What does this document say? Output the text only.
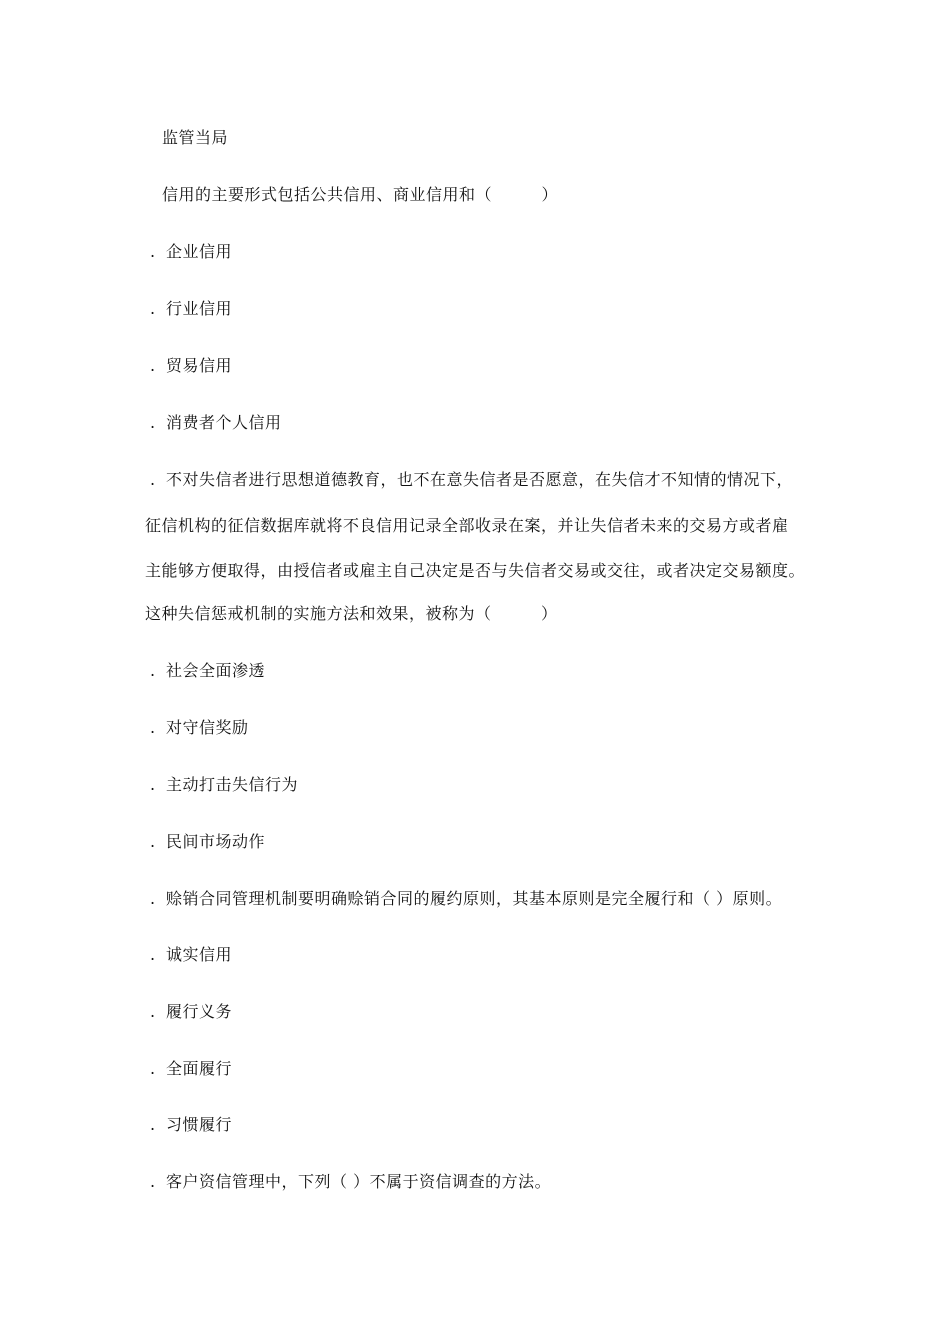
监管当局
信用的主要形式包括公共信用、商业信用和（　　　）
. 企业信用
. 行业信用
. 贸易信用
. 消费者个人信用
. 不对失信者进行思想道德教育，也不在意失信者是否愿意，在失信才不知情的情况下，
征信机构的征信数据库就将不良信用记录全部收录在案，并让失信者未来的交易方或者雇
主能够方便取得，由授信者或雇主自己决定是否与失信者交易或交往，或者决定交易额度。
这种失信惩戒机制的实施方法和效果，被称为（　　　）
. 社会全面渗透
. 对守信奖励
. 主动打击失信行为
. 民间市场动作
. 赊销合同管理机制要明确赊销合同的履约原则，其基本原则是完全履行和（ ）原则。
. 诚实信用
. 履行义务
. 全面履行
. 习惯履行
. 客户资信管理中，下列（ ）不属于资信调查的方法。
